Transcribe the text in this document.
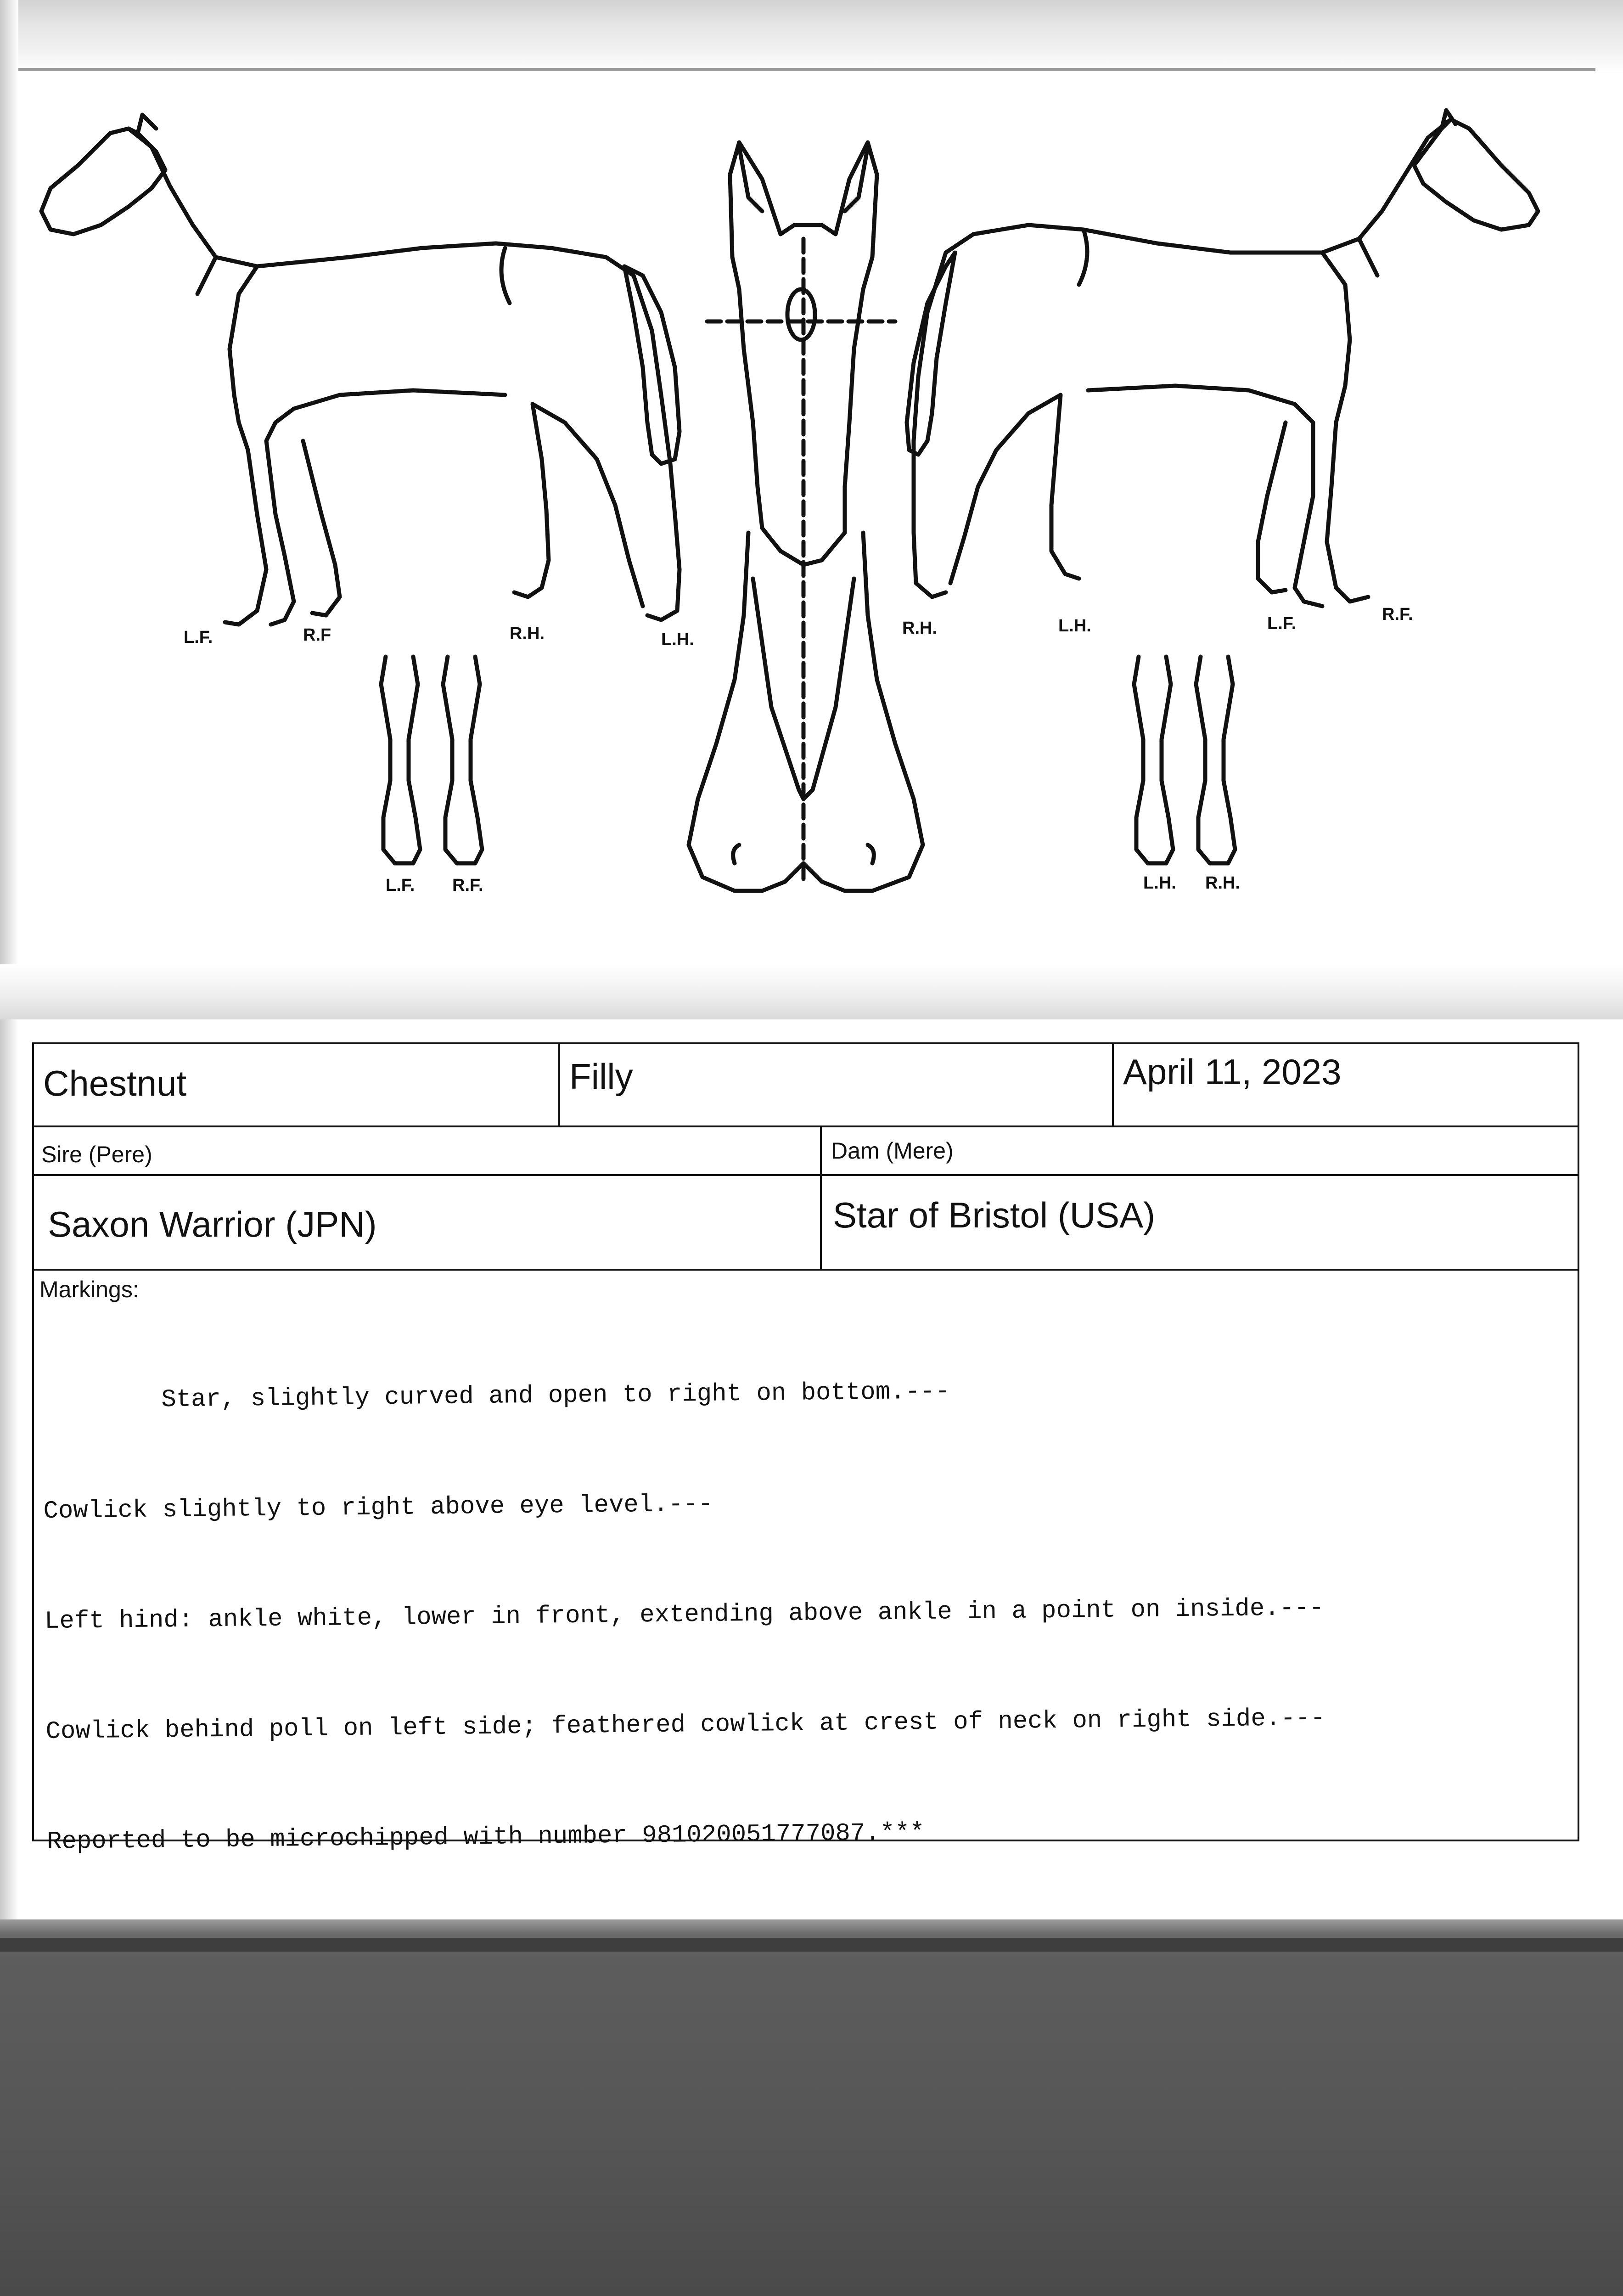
L.F.	R.F	R.H.	L.H.
L.F. R.F.
R.H.	L.H.	L.F.	R.F.
L.H. R.H.
Chestnut	Filly	April 11, 2023
Sire (Pere)	Dam (Mere)
Saxon Warrior (JPN)	Star of Bristol (USA)
Markings:

Star, slightly curved and open to right on bottom.---

Cowlick slightly to right above eye level.---

Left hind: ankle white, lower in front, extending above ankle in a point on inside.---

Cowlick behind poll on left side; feathered cowlick at crest of neck on right side.---

Reported to be microchipped with number 981020051777087.***
